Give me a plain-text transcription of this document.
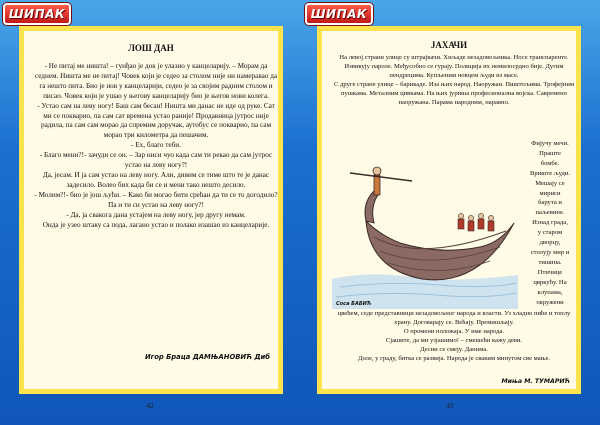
ШИПАК
ЛОШ ДАН

- Не питај ме ништа! – гунђао је док је улазио у канцеларију. – Морам да седнем. Ништа ме не питај! Човек који је седео за столом није ни намеравао да га нешто пита. Био је нов у канцеларији, седео је за својим радним столом и писао. Човек који је ушао у његову канцеларију био је његов нови колега.

- Устао сам на леву ногу! Баш сам бесан! Ништа ми данас не иде од руке. Сат ми се покварио, па сам сат времена устао раније! Продавница јутрос није радила, па сам сам морао да спремим доручак, аутобус се покварио, па сам морао три километра да пешачим.

- Ех, благо теби.

- Благо мени?!- зачуди се он. – Зар ниси чуо када сам ти рекао да сам јутрос устао на леву ногу?!

Да, јесам. И ја сам устао на леву ногу. Али, дивим се тиме што те је данас задесило. Волео бих када би се и мени тако нешто десило.

- Молим?!- био је још љући. – Како би могао бити срећан да ти се то догодило? Па и ти си устао на леву ногу?!

- Да, ја свакога дана устајем на леву ногу, јер другу немам.

Онда је узео штаку са пода, лагано устао и полако изашао из канцеларије.

Игор Браца ДАМЊАНОВИЋ Диб
42
ШИПАК
ЈАХАЧИ

На левој страни улице су штрајкачи. Хиљаде незадовољника. Носе транспаренте. Извикују пароле. Међусобно се гурају. Полиција их немилосрдно бије. Дугим пендрецима. Купљеним новцем људи из масе.

С друге стране улице – барикаде. Иза њих народ. Наоружан. Пиштољима. Трофејним пушкама. Металним цивкама. На њих јуриша професионална војска. Савремено наоружана. Парама народним, наравно.

Соса БАБИЋ

Фијучу мечи.

Праште

бомбе.

Вриште људи.

Мешају се

мириси

барута и

паљевине.

Изнад града,

у старом

дворцу,

столују мир и

тишина.

Птичице

цвркућу. На

клупама,

окружени

цвећем, седе представници незадовољног народа и власти. Уз хладно пиће и топлу храну. Договарају се. Већају. Премишљају.

О промени положаја. У име народа.

Сјашите, да ми узјашимо! – смешећи кажу деви.

Десни се смеју. Данима.

Доле, у граду, битка се развија. Народа је сваким минутом све мање.

Миња М. ТУМАРИЋ
43
